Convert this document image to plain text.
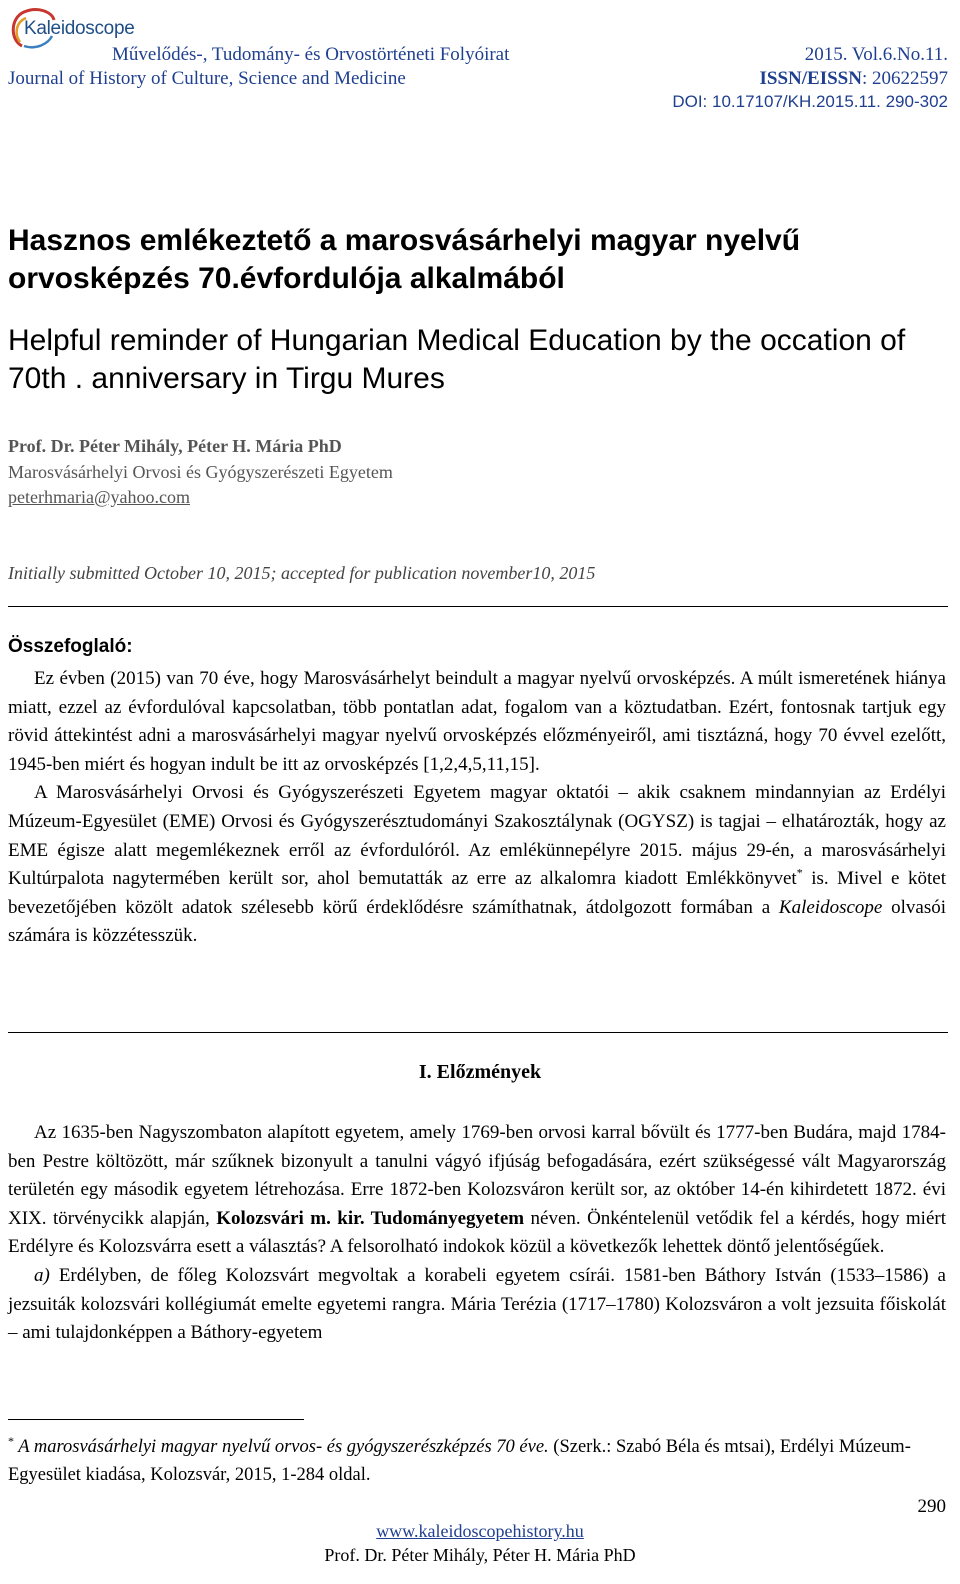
Kaleidoscope
Művelődés-, Tudomány- és Orvostörténeti Folyóirat
Journal of History of Culture, Science and Medicine
2015. Vol.6.No.11.
ISSN/EISSN: 20622597
DOI: 10.17107/KH.2015.11. 290-302
Hasznos emlékeztető a marosvásárhelyi magyar nyelvű orvosképzés 70.évfordulója alkalmából
Helpful reminder of Hungarian Medical Education by the occation of 70th . anniversary in Tirgu Mures
Prof. Dr. Péter Mihály, Péter H. Mária PhD
Marosvásárhelyi Orvosi és Gyógyszerészeti Egyetem
peterhmaria@yahoo.com
Initially submitted October 10, 2015; accepted for publication november10, 2015
Összefoglaló:

Ez évben (2015) van 70 éve, hogy Marosvásárhelyt beindult a magyar nyelvű orvosképzés. A múlt ismeretének hiánya miatt, ezzel az évfordulóval kapcsolatban, több pontatlan adat, fogalom van a köztudatban. Ezért, fontosnak tartjuk egy rövid áttekintést adni a marosvásárhelyi magyar nyelvű orvosképzés előzményeiről, ami tisztázná, hogy 70 évvel ezelőtt, 1945-ben miért és hogyan indult be itt az orvosképzés [1,2,4,5,11,15].

A Marosvásárhelyi Orvosi és Gyógyszerészeti Egyetem magyar oktatói – akik csaknem mindannyian az Erdélyi Múzeum-Egyesület (EME) Orvosi és Gyógyszerésztudományi Szakosztálynak (OGYSZ) is tagjai – elhatározták, hogy az EME égisze alatt megemlékeznek erről az évfordulóról. Az emlékünnepélyre 2015. május 29-én, a marosvásárhelyi Kultúrpalota nagytermében került sor, ahol bemutatták az erre az alkalomra kiadott Emlékkönyvet* is. Mivel e kötet bevezetőjében közölt adatok szélesebb körű érdeklődésre számíthatnak, átdolgozott formában a Kaleidoscope olvasói számára is közzétesszük.

I. Előzmények

Az 1635-ben Nagyszombaton alapított egyetem, amely 1769-ben orvosi karral bővült és 1777-ben Budára, majd 1784-ben Pestre költözött, már szűknek bizonyult a tanulni vágyó ifjúság befogadására, ezért szükségessé vált Magyarország területén egy második egyetem létrehozása. Erre 1872-ben Kolozsváron került sor, az október 14-én kihirdetett 1872. évi XIX. törvénycikk alapján, Kolozsvári m. kir. Tudományegyetem néven. Önkéntelenül vetődik fel a kérdés, hogy miért Erdélyre és Kolozsvárra esett a választás? A felsorolható indokok közül a következők lehettek döntő jelentőségűek.

a) Erdélyben, de főleg Kolozsvárt megvoltak a korabeli egyetem csírái. 1581-ben Báthory István (1533–1586) a jezsuiták kolozsvári kollégiumát emelte egyetemi rangra. Mária Terézia (1717–1780) Kolozsváron a volt jezsuita főiskolát – ami tulajdonképpen a Báthory-egyetem

* A marosvásárhelyi magyar nyelvű orvos- és gyógyszerészképzés 70 éve. (Szerk.: Szabó Béla és mtsai), Erdélyi Múzeum-Egyesület kiadása, Kolozsvár, 2015, 1-284 oldal.

290
www.kaleidoscopehistory.hu
Prof. Dr. Péter Mihály, Péter H. Mária PhD
